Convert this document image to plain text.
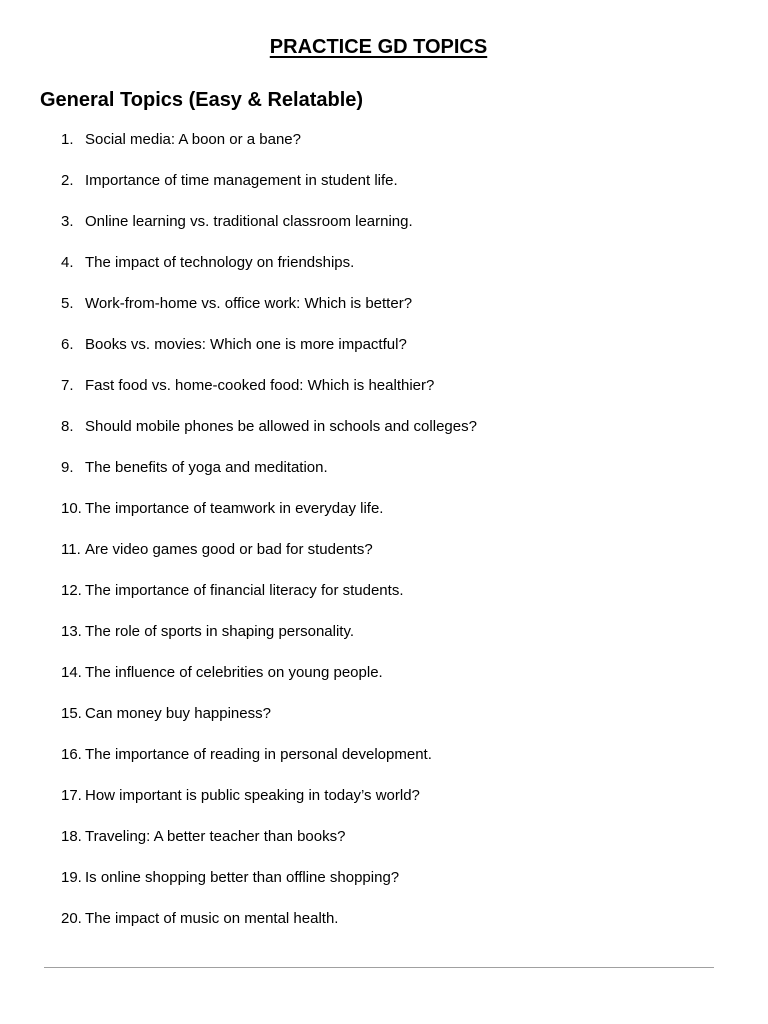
PRACTICE GD TOPICS
General Topics (Easy & Relatable)
1. Social media: A boon or a bane?
2. Importance of time management in student life.
3. Online learning vs. traditional classroom learning.
4. The impact of technology on friendships.
5. Work-from-home vs. office work: Which is better?
6. Books vs. movies: Which one is more impactful?
7. Fast food vs. home-cooked food: Which is healthier?
8. Should mobile phones be allowed in schools and colleges?
9. The benefits of yoga and meditation.
10. The importance of teamwork in everyday life.
11. Are video games good or bad for students?
12. The importance of financial literacy for students.
13. The role of sports in shaping personality.
14. The influence of celebrities on young people.
15. Can money buy happiness?
16. The importance of reading in personal development.
17. How important is public speaking in today’s world?
18. Traveling: A better teacher than books?
19. Is online shopping better than offline shopping?
20. The impact of music on mental health.
